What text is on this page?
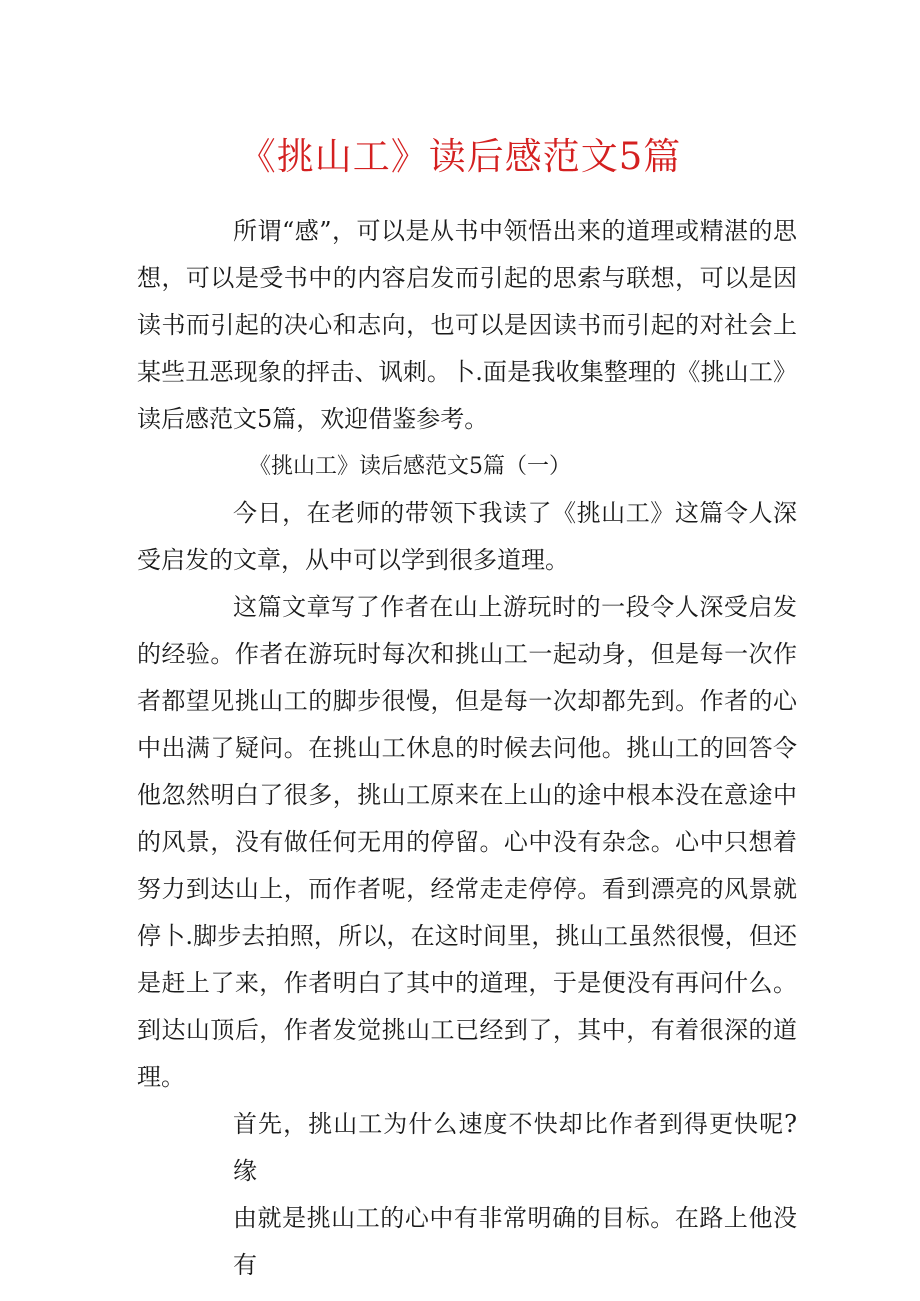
《挑山工》读后感范文5篇

所谓“感”，可以是从书中领悟出来的道理或精湛的思想，可以是受书中的内容启发而引起的思索与联想，可以是因读书而引起的决心和志向，也可以是因读书而引起的对社会上某些丑恶现象的抨击、讽刺。卜.面是我收集整理的《挑山工》读后感范文5篇，欢迎借鉴参考。

《挑山工》读后感范文5篇（一）

今日，在老师的带领下我读了《挑山工》这篇令人深受启发的文章，从中可以学到很多道理。

这篇文章写了作者在山上游玩时的一段令人深受启发的经验。作者在游玩时每次和挑山工一起动身，但是每一次作者都望见挑山工的脚步很慢，但是每一次却都先到。作者的心中出满了疑问。在挑山工休息的时候去问他。挑山工的回答令他忽然明白了很多，挑山工原来在上山的途中根本没在意途中的风景，没有做任何无用的停留。心中没有杂念。心中只想着努力到达山上，而作者呢，经常走走停停。看到漂亮的风景就停卜.脚步去拍照，所以，在这时间里，挑山工虽然很慢，但还是赶上了来，作者明白了其中的道理，于是便没有再问什么。到达山顶后，作者发觉挑山工已经到了，其中，有着很深的道理。

首先，挑山工为什么速度不快却比作者到得更快呢?缘

由就是挑山工的心中有非常明确的目标。在路上他没有
